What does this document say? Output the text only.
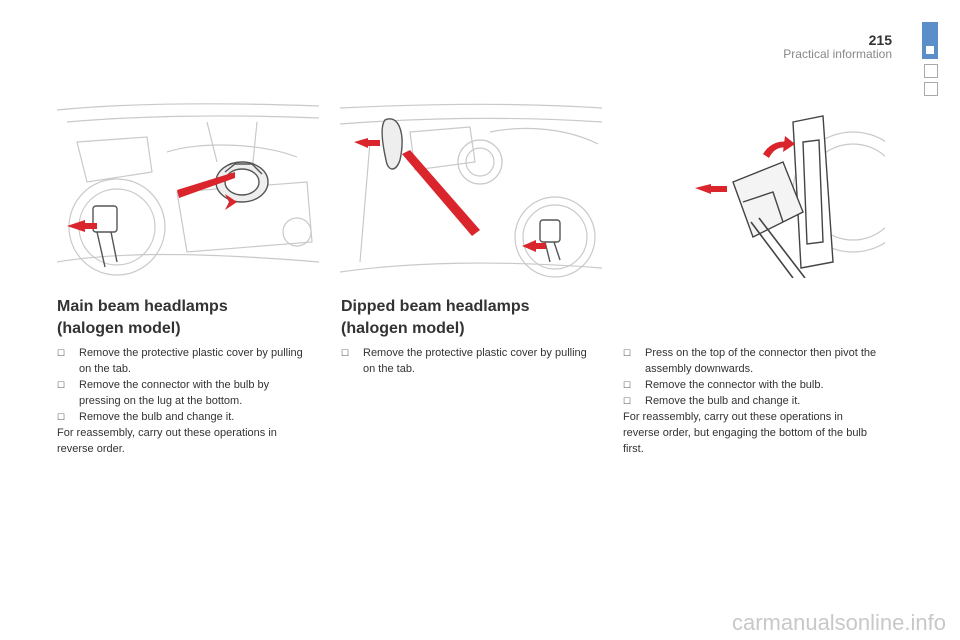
215
Practical information
Main beam headlamps
(halogen model)
☐ Remove the protective plastic cover by pulling on the tab.
☐ Remove the connector with the bulb by pressing on the lug at the bottom.
☐ Remove the bulb and change it.

For reassembly, carry out these operations in reverse order.

Dipped beam headlamps
(halogen model)
☐ Remove the protective plastic cover by pulling on the tab.
☐ Press on the top of the connector then pivot the assembly downwards.
☐ Remove the connector with the bulb.
☐ Remove the bulb and change it.

For reassembly, carry out these operations in reverse order, but engaging the bottom of the bulb first.

carmanualsonline.info
